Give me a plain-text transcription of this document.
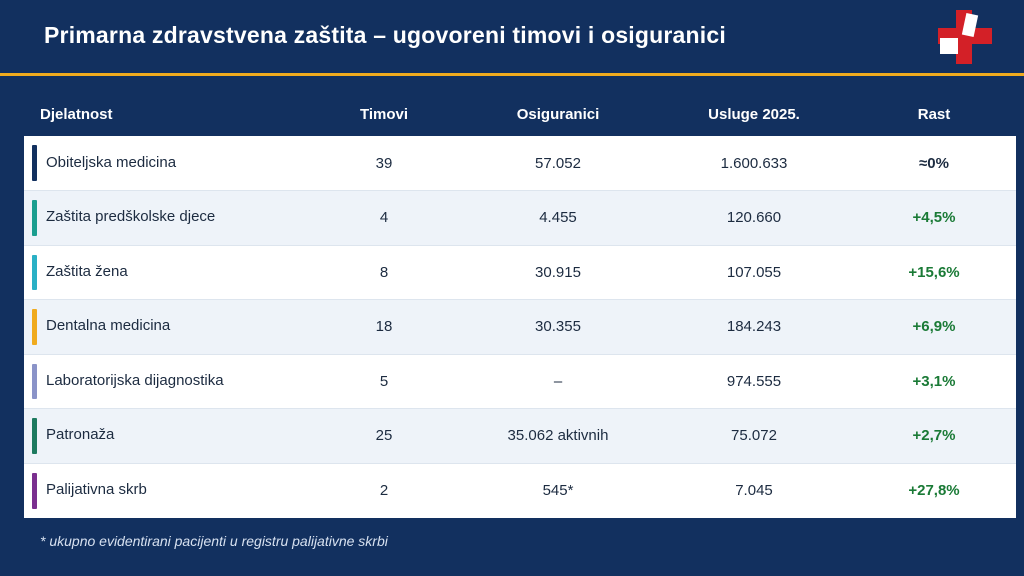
Primarna zdravstvena zaštita – ugovoreni timovi i osiguranici
Djelatnost	Timovi	Osiguranici	Usluge 2025.	Rast

Obiteljska medicina	39	57.052	1.600.633	≈0%

Zaštita predškolske djece	4	4.455	120.660	+4,5%

Zaštita žena	8	30.915	107.055	+15,6%

Dentalna medicina	18	30.355	184.243	+6,9%

Laboratorijska dijagnostika	5	–	974.555	+3,1%

Patronaža	25	35.062 aktivnih	75.072	+2,7%

Palijativna skrb	2	545*	7.045	+27,8%
* ukupno evidentirani pacijenti u registru palijativne skrbi
